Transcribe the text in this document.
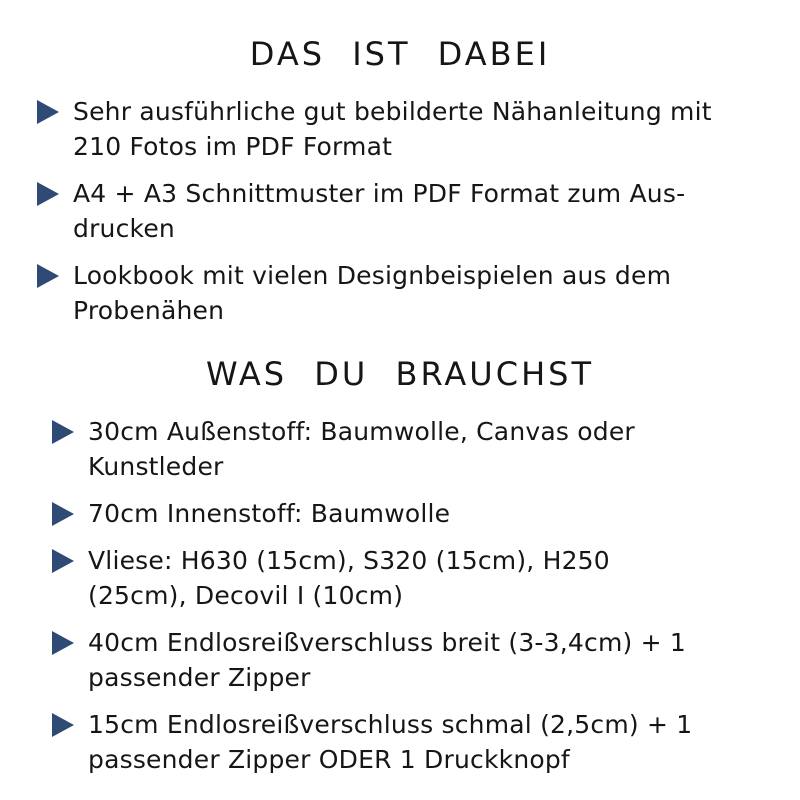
DAS IST DABEI
Sehr ausführliche gut bebilderte Nähanleitung mit
210 Fotos im PDF Format
A4 + A3 Schnittmuster im PDF Format zum Aus-
drucken
Lookbook mit vielen Designbeispielen aus dem
Probenähen
WAS DU BRAUCHST
30cm Außenstoff: Baumwolle, Canvas oder
Kunstleder
70cm Innenstoff: Baumwolle
Vliese: H630 (15cm), S320 (15cm), H250
(25cm), Decovil I (10cm)
40cm Endlosreißverschluss breit (3-3,4cm) + 1
passender Zipper
15cm Endlosreißverschluss schmal (2,5cm) + 1
passender Zipper ODER 1 Druckknopf
